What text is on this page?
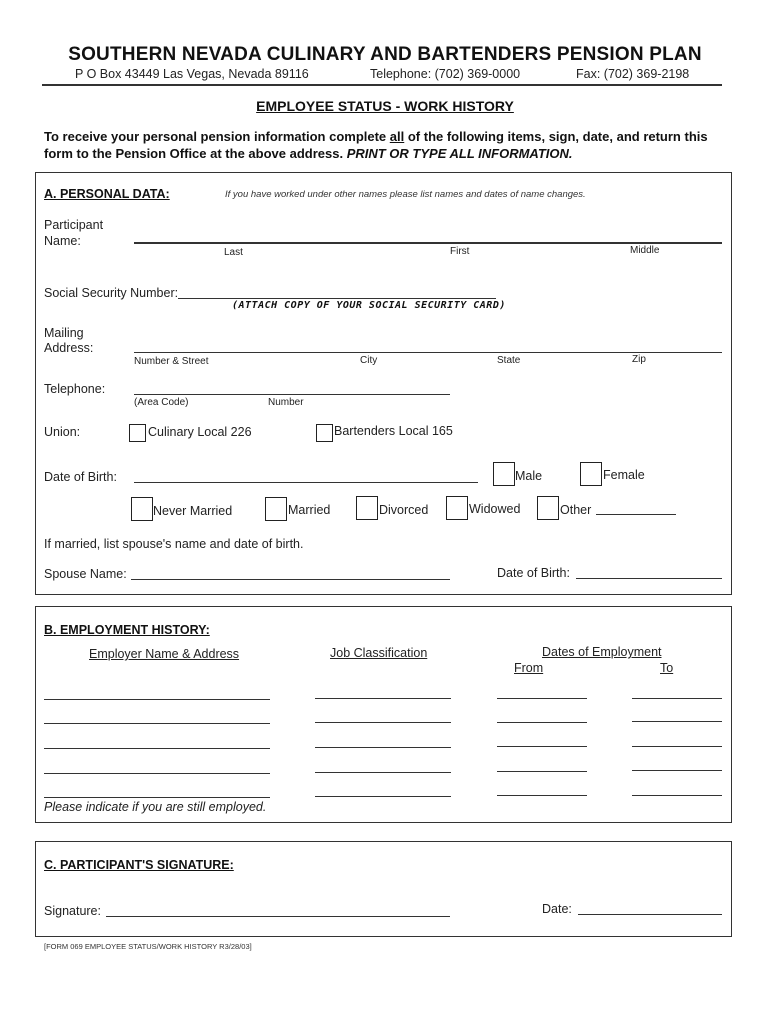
SOUTHERN NEVADA CULINARY AND BARTENDERS PENSION PLAN
P O Box 43449 Las Vegas, Nevada 89116	Telephone: (702) 369-0000	Fax: (702) 369-2198
EMPLOYEE STATUS - WORK HISTORY
To receive your personal pension information complete all of the following items, sign, date, and return this form to the Pension Office at the above address. PRINT OR TYPE ALL INFORMATION.
A. PERSONAL DATA:	If you have worked under other names please list names and dates of name changes.
Participant
Name:
Last	First	Middle
Social Security Number:
(ATTACH COPY OF YOUR SOCIAL SECURITY CARD)
Mailing
Address:
Number & Street	City	State	Zip
Telephone:
(Area Code)	Number
Union:	Culinary Local 226	Bartenders Local 165
Date of Birth:	Male	Female
Never Married	Married	Divorced	Widowed	Other
If married, list spouse's name and date of birth.
Spouse Name:	Date of Birth:
B. EMPLOYMENT HISTORY:
Employer Name & Address	Job Classification	Dates of Employment
From	To
Please indicate if you are still employed.
C. PARTICIPANT'S SIGNATURE:
Signature:	Date:
[FORM 069 EMPLOYEE STATUS/WORK HISTORY R3/28/03]
